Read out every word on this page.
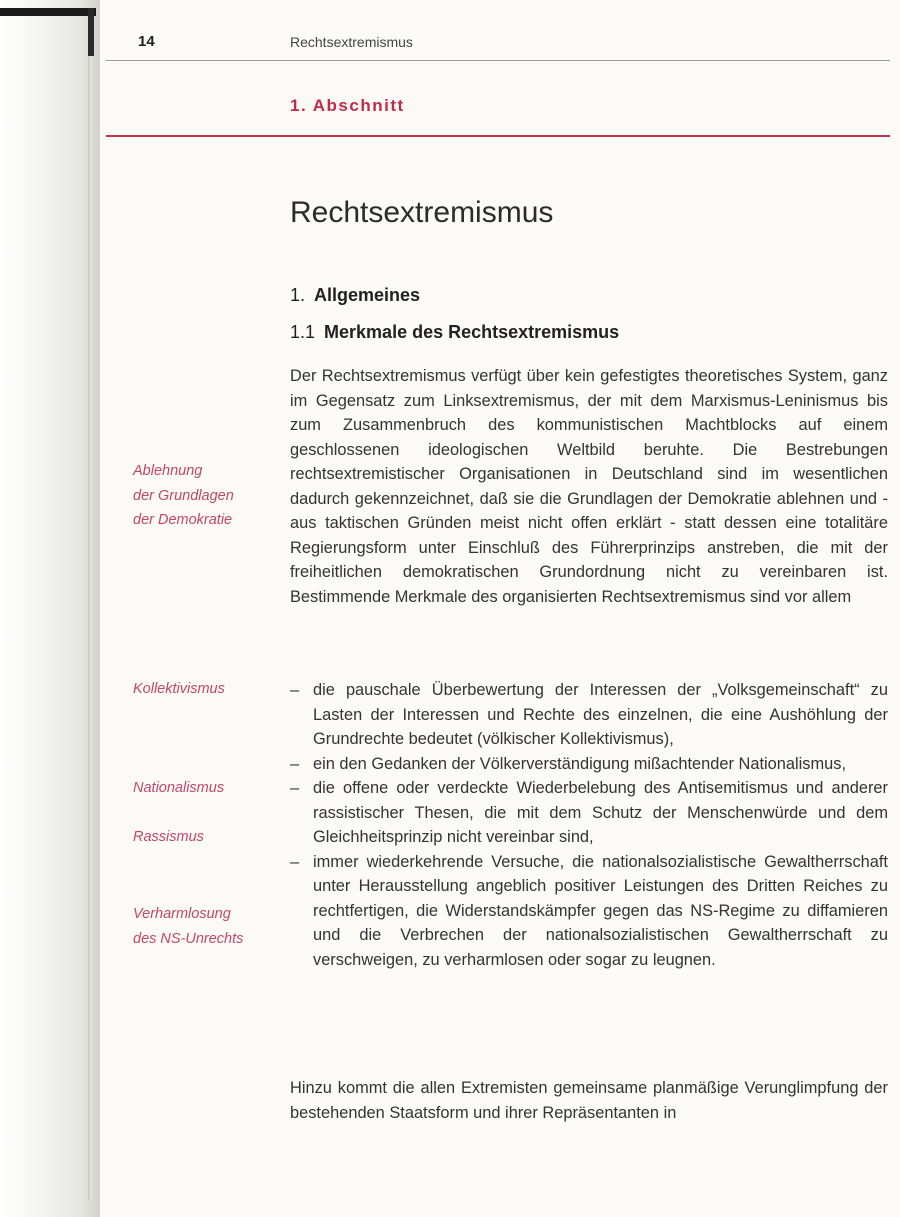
14	Rechtsextremismus
1. Abschnitt
Rechtsextremismus
1. Allgemeines
1.1 Merkmale des Rechtsextremismus

Der Rechtsextremismus verfügt über kein gefestigtes theoretisches System, ganz im Gegensatz zum Linksextremismus, der mit dem Marxismus-Leninismus bis zum Zusammenbruch des kommunistischen Machtblocks auf einem geschlossenen ideologischen Weltbild beruhte. Die Bestrebungen rechtsextremistischer Organisationen in Deutschland sind im wesentlichen dadurch gekennzeichnet, daß sie die Grundlagen der Demokratie ablehnen und - aus taktischen Gründen meist nicht offen erklärt - statt dessen eine totalitäre Regierungsform unter Einschluß des Führerprinzips anstreben, die mit der freiheitlichen demokratischen Grundordnung nicht zu vereinbaren ist. Bestimmende Merkmale des organisierten Rechtsextremismus sind vor allem

– die pauschale Überbewertung der Interessen der „Volksgemeinschaft“ zu Lasten der Interessen und Rechte des einzelnen, die eine Aushöhlung der Grundrechte bedeutet (völkischer Kollektivismus),
– ein den Gedanken der Völkerverständigung mißachtender Nationalismus,
– die offene oder verdeckte Wiederbelebung des Antisemitismus und anderer rassistischer Thesen, die mit dem Schutz der Menschenwürde und dem Gleichheitsprinzip nicht vereinbar sind,
– immer wiederkehrende Versuche, die nationalsozialistische Gewaltherrschaft unter Herausstellung angeblich positiver Leistungen des Dritten Reiches zu rechtfertigen, die Widerstandskämpfer gegen das NS-Regime zu diffamieren und die Verbrechen der nationalsozialistischen Gewaltherrschaft zu verschweigen, zu verharmlosen oder sogar zu leugnen.

Hinzu kommt die allen Extremisten gemeinsame planmäßige Verunglimpfung der bestehenden Staatsform und ihrer Repräsentanten in

Ablehnung
der Grundlagen
der Demokratie
Kollektivismus
Nationalismus
Rassismus
Verharmlosung
des NS-Unrechts
